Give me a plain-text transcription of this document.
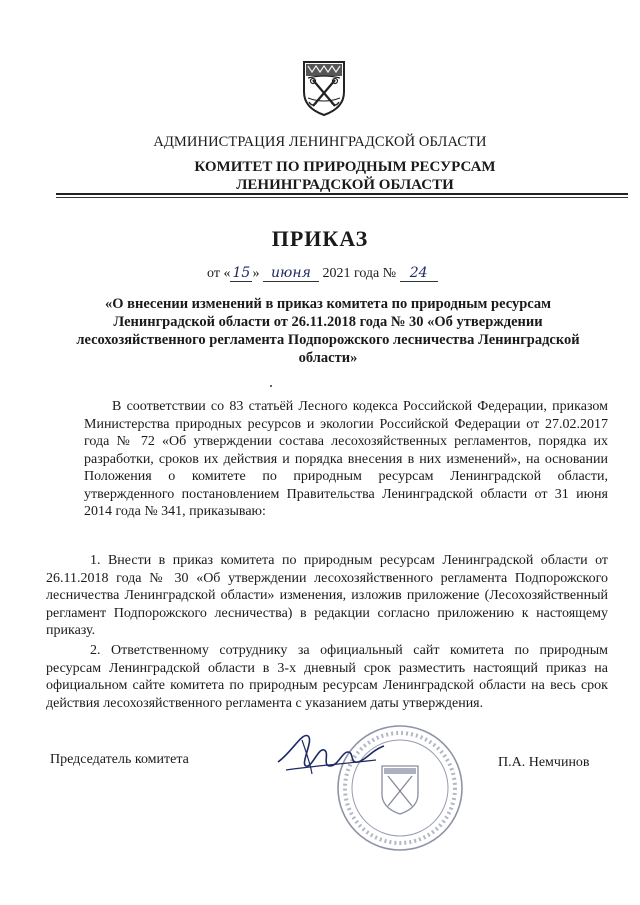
АДМИНИСТРАЦИЯ ЛЕНИНГРАДСКОЙ ОБЛАСТИ
КОМИТЕТ ПО ПРИРОДНЫМ РЕСУРСАМ
ЛЕНИНГРАДСКОЙ ОБЛАСТИ
ПРИКАЗ
от « 15 » июня 2021 года № 24
«О внесении изменений в приказ комитета по природным ресурсам Ленинградской области от 26.11.2018 года № 30 «Об утверждении лесохозяйственного регламента Подпорожского лесничества Ленинградской области»
В соответствии со 83 статьёй Лесного кодекса Российской Федерации, приказом Министерства природных ресурсов и экологии Российской Федерации от 27.02.2017 года № 72 «Об утверждении состава лесохозяйственных регламентов, порядка их разработки, сроков их действия и порядка внесения в них изменений», на основании Положения о комитете по природным ресурсам Ленинградской области, утвержденного постановлением Правительства Ленинградской области от 31 июня 2014 года № 341, приказываю:
1. Внести в приказ комитета по природным ресурсам Ленинградской области от 26.11.2018 года № 30 «Об утверждении лесохозяйственного регламента Подпорожского лесничества Ленинградской области» изменения, изложив приложение (Лесохозяйственный регламент Подпорожского лесничества) в редакции согласно приложению к настоящему приказу.
2. Ответственному сотруднику за официальный сайт комитета по природным ресурсам Ленинградской области в 3-х дневный срок разместить настоящий приказ на официальном сайте комитета по природным ресурсам Ленинградской области на весь срок действия лесохозяйственного регламента с указанием даты утверждения.
Председатель комитета	П.А. Немчинов
